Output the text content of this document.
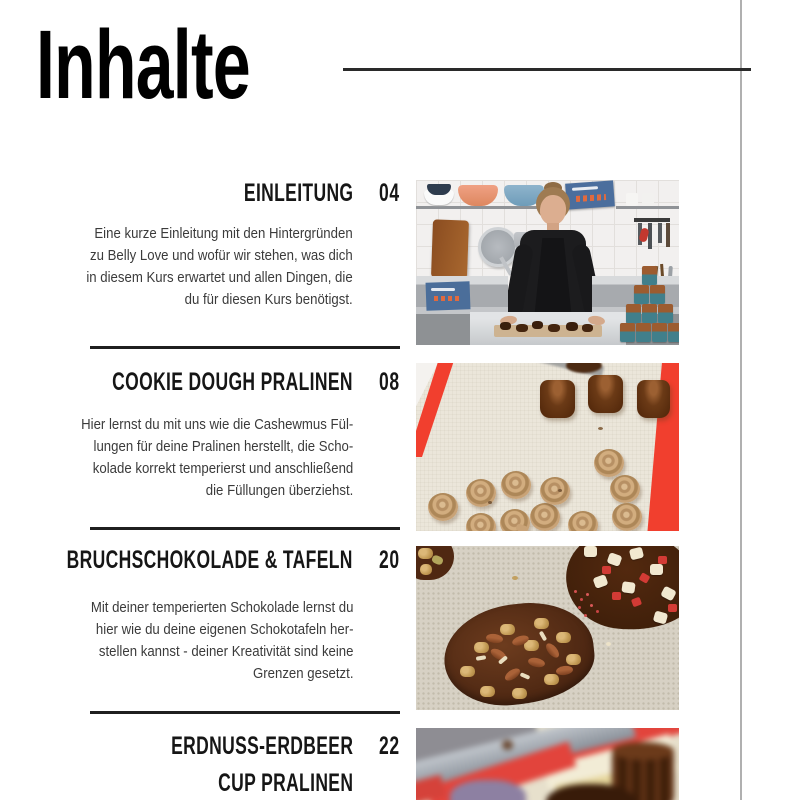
Inhalte
EINLEITUNG 04
Eine kurze Einleitung mit den Hintergründen
zu Belly Love und wofür wir stehen, was dich
in diesem Kurs erwartet und allen Dingen, die
du für diesen Kurs benötigst.
COOKIE DOUGH PRALINEN 08
Hier lernst du mit uns wie die Cashewmus Fül-
lungen für deine Pralinen herstellt, die Scho-
kolade korrekt temperierst und anschließend
die Füllungen überziehst.
BRUCHSCHOKOLADE & TAFELN 20
Mit deiner temperierten Schokolade lernst du
hier wie du deine eigenen Schokotafeln her-
stellen kannst - deiner Kreativität sind keine
Grenzen gesetzt.
ERDNUSS-ERDBEER
CUP PRALINEN
22
